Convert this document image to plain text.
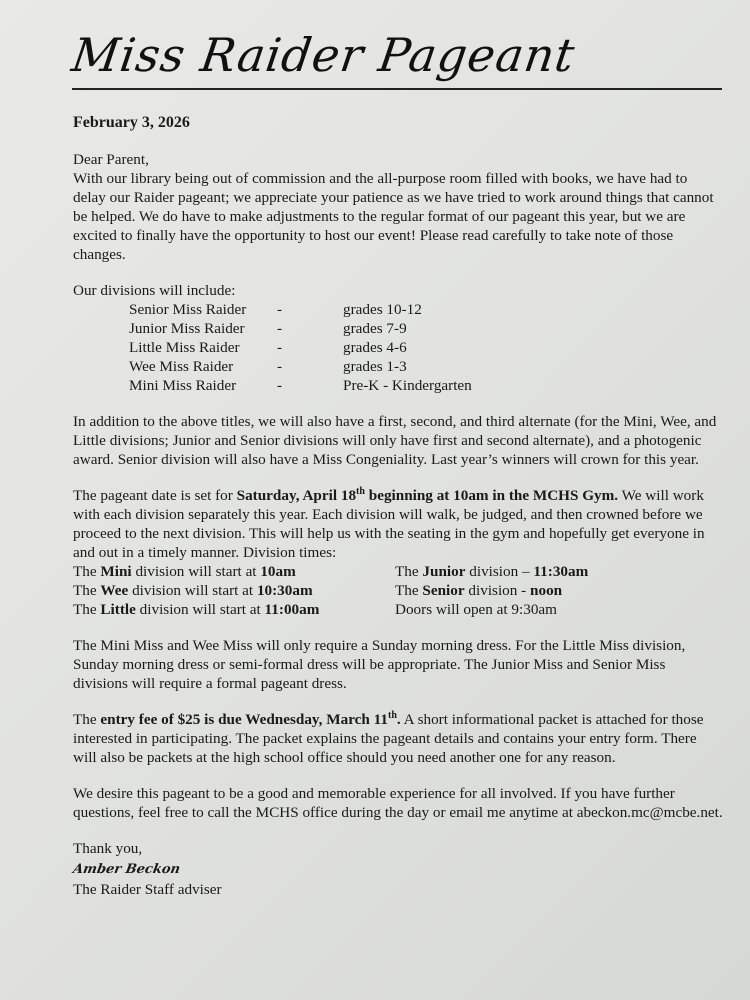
Miss Raider Pageant
February 3, 2026
Dear Parent,

With our library being out of commission and the all-purpose room filled with books, we have had to delay our Raider pageant; we appreciate your patience as we have tried to work around things that cannot be helped. We do have to make adjustments to the regular format of our pageant this year, but we are excited to finally have the opportunity to host our event! Please read carefully to take note of those changes.

Our divisions will include:
Senior Miss Raider	-	grades 10-12
Junior Miss Raider	-	grades 7-9
Little Miss Raider	-	grades 4-6
Wee Miss Raider	-	grades 1-3
Mini Miss Raider	-	Pre-K - Kindergarten

In addition to the above titles, we will also have a first, second, and third alternate (for the Mini, Wee, and Little divisions; Junior and Senior divisions will only have first and second alternate), and a photogenic award. Senior division will also have a Miss Congeniality. Last year’s winners will crown for this year.

The pageant date is set for Saturday, April 18th beginning at 10am in the MCHS Gym. We will work with each division separately this year. Each division will walk, be judged, and then crowned before we proceed to the next division. This will help us with the seating in the gym and hopefully get everyone in and out in a timely manner. Division times:

The Mini division will start at 10am	The Junior division – 11:30am
The Wee division will start at 10:30am	The Senior division - noon
The Little division will start at 11:00am	Doors will open at 9:30am

The Mini Miss and Wee Miss will only require a Sunday morning dress. For the Little Miss division, Sunday morning dress or semi-formal dress will be appropriate. The Junior Miss and Senior Miss divisions will require a formal pageant dress.

The entry fee of $25 is due Wednesday, March 11th. A short informational packet is attached for those interested in participating. The packet explains the pageant details and contains your entry form. There will also be packets at the high school office should you need another one for any reason.

We desire this pageant to be a good and memorable experience for all involved. If you have further questions, feel free to call the MCHS office during the day or email me anytime at abeckon.mc@mcbe.net.

Thank you,
Amber Beckon
The Raider Staff adviser
